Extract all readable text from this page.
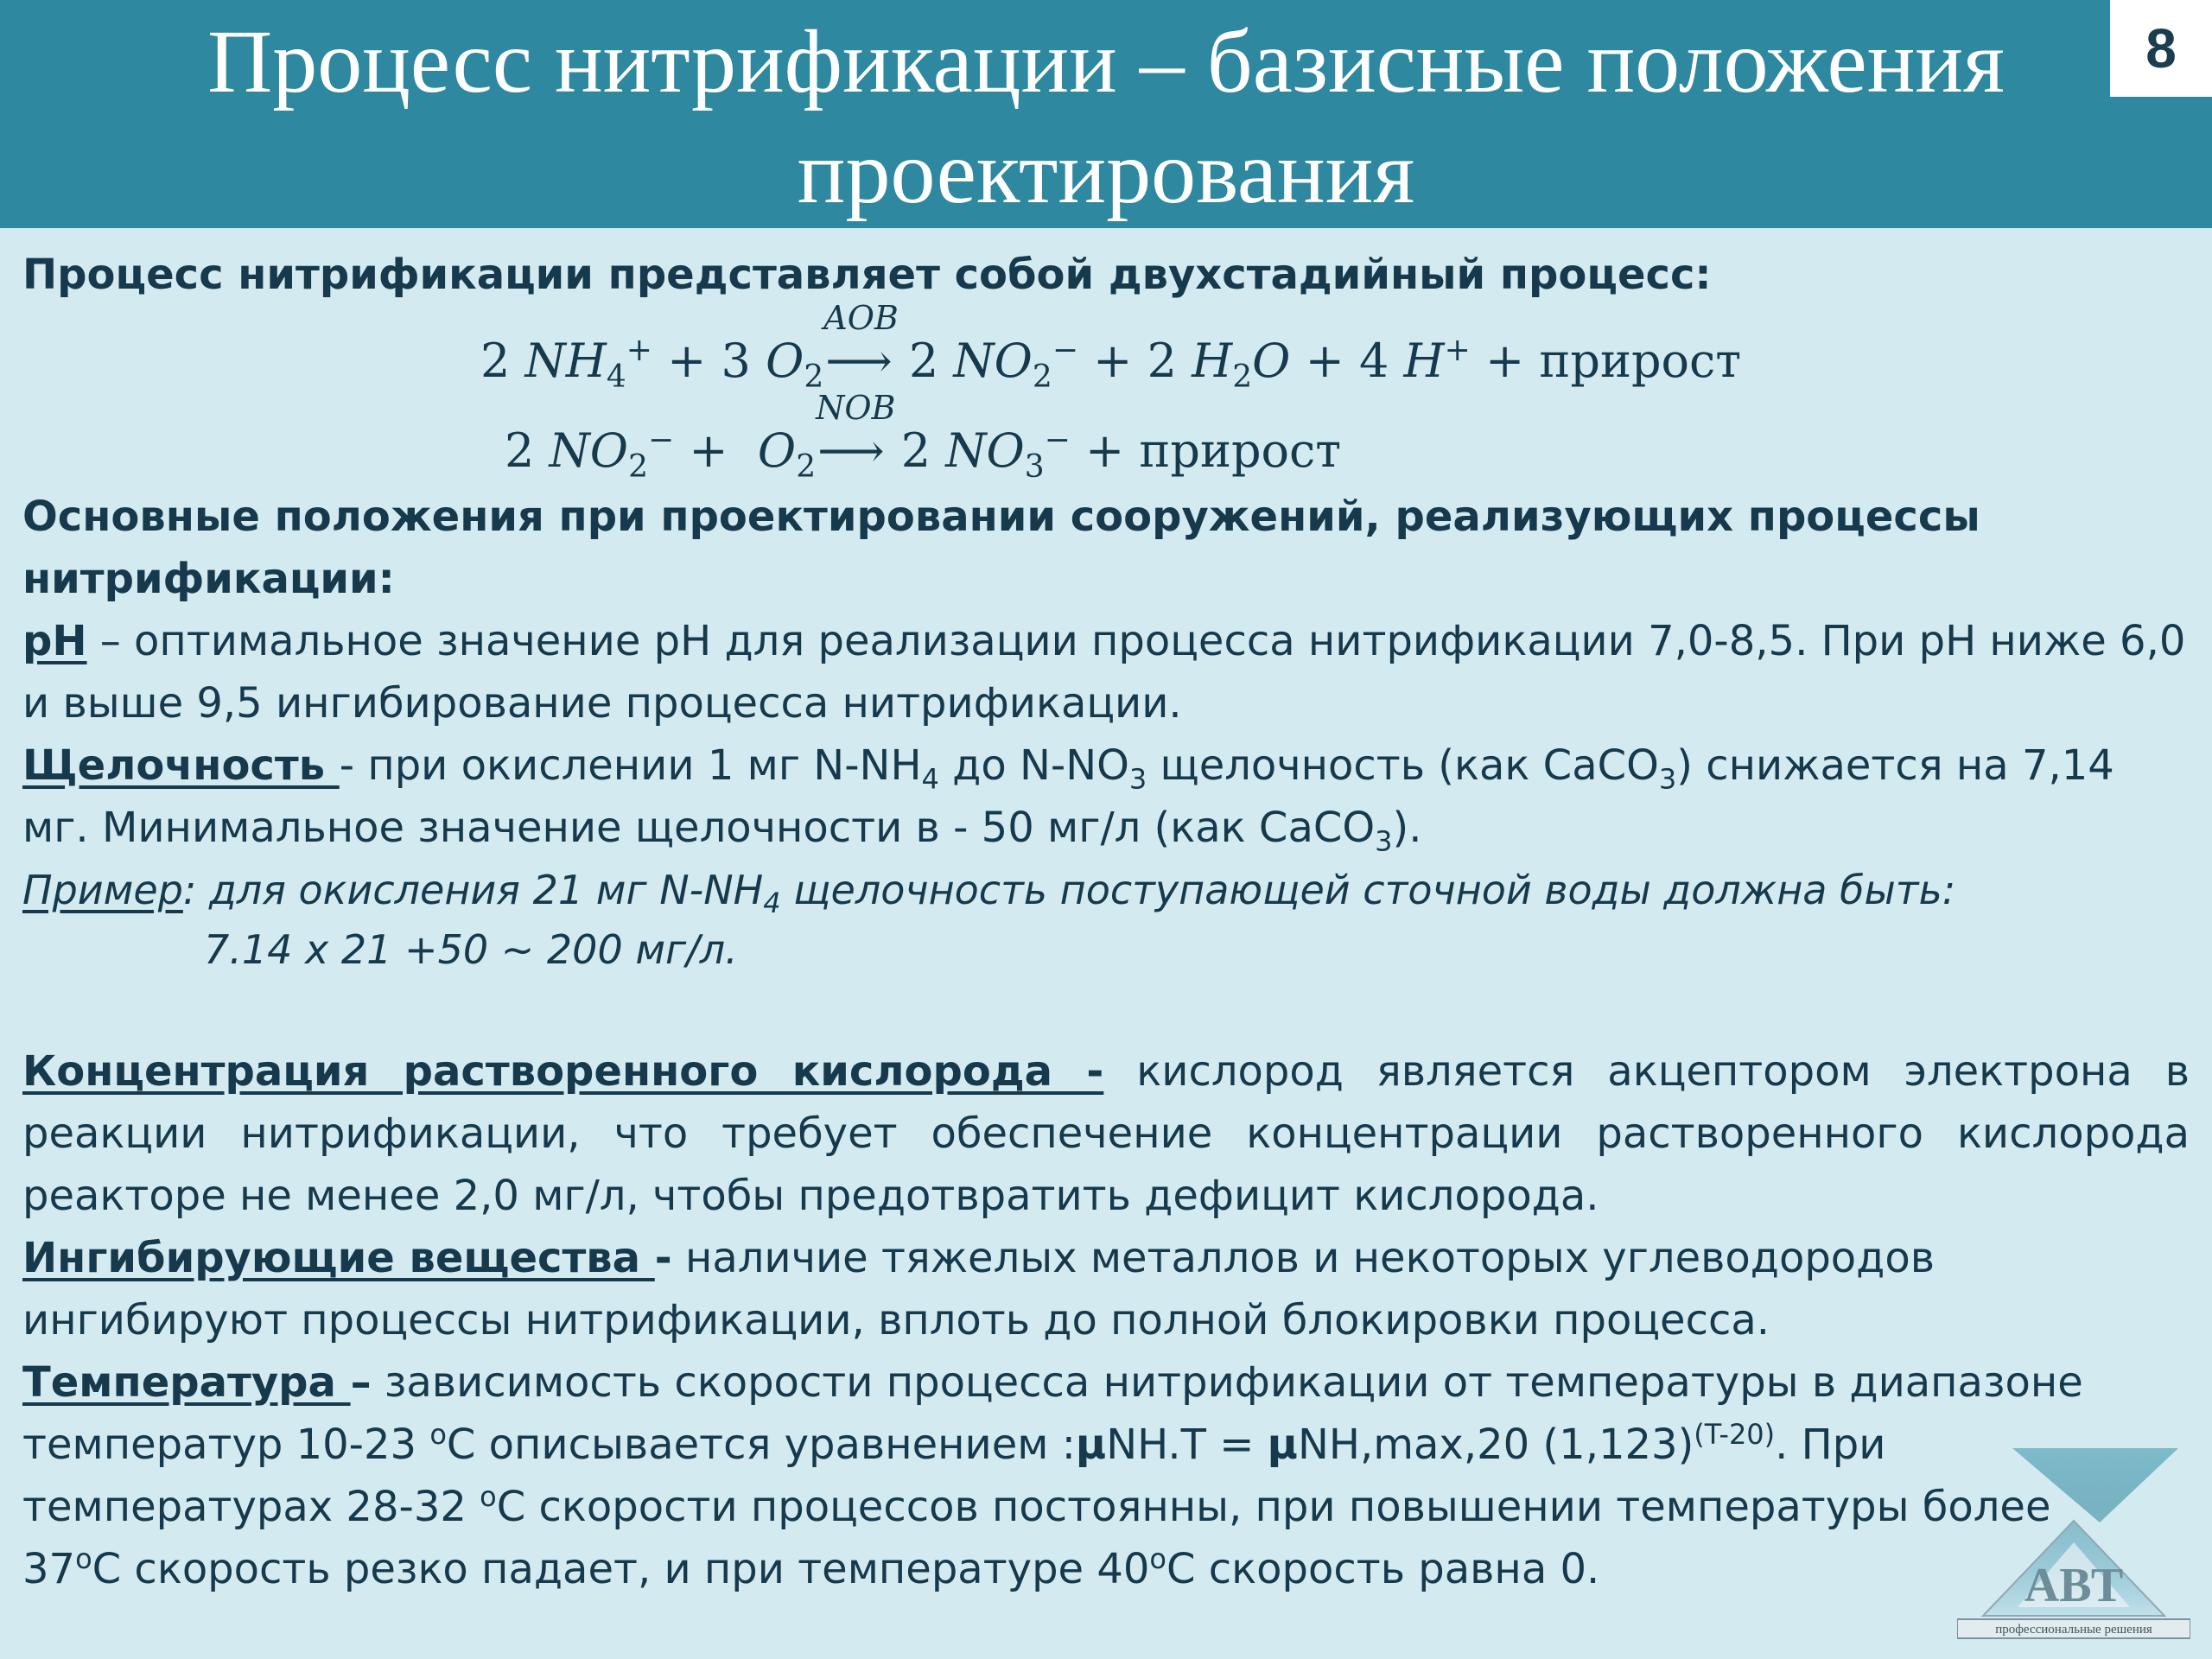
Процесс нитрификации – базисные положения
проектирования
8

Процесс нитрификации представляет собой двухстадийный процесс:

2 $NH_4^+ + 3$ $O_2$
AOB
⟶ 2 $NO_2^- + 2$ $H_2O + 4$ H+ + прирост
2 $NO_2^- + O_2$
NOB
⟶ 2 $NO_3^-$ + прирост

Основные положения при проектировании сооружений, реализующих процессы нитрификации:

pH – оптимальное значение pH для реализации процесса нитрификации 7,0-8,5. При pH ниже 6,0 и выше 9,5 ингибирование процесса нитрификации.

Щелочность - при окислении 1 мг $N-NH_4$ до $N-NO_3$ щелочность (как CaCO$_3$) снижается на 7,14 мг. Минимальное значение щелочности в - 50 мг/л (как CaCO$_3$).

Пример: для окисления 21 мг $N-NH_4$ щелочность поступающей сточной воды должна быть:

7.14 х 21 +50 ~ 200 мг/л.

Концентрация растворенного кислорода - кислород является акцептором электрона в реакции нитрификации, что требует обеспечение концентрации растворенного кислорода реакторе не менее 2,0 мг/л, чтобы предотвратить дефицит кислорода.

Ингибирующие вещества - наличие тяжелых металлов и некоторых углеводородов ингибируют процессы нитрификации, вплоть до полной блокировки процесса.

Температура – зависимость скорости процесса нитрификации от температуры в диапазоне температур 10-23 $^o$C описывается уравнением :µNH.T = µNH,max,20 $(1,123)^{(T-20)}$. При температурах 28-32 $^o$C скорости процессов постоянны, при повышении температуры более 37$^o$C скорость резко падает, и при температуре 40$^o$C скорость равна 0.	АВТ
профессиональные решения
